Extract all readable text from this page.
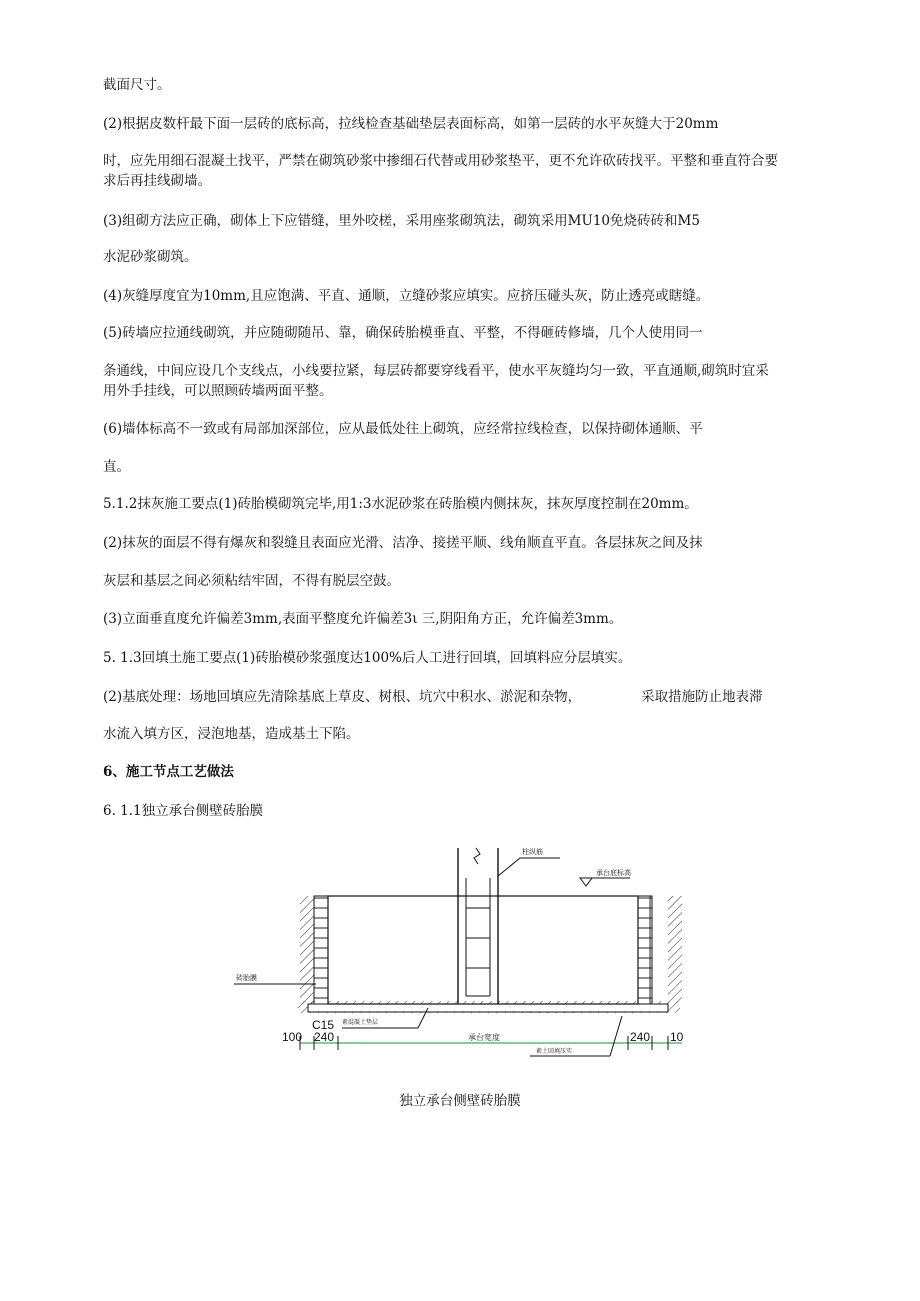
截面尺寸。
(2)根据皮数杆最下面一层砖的底标高，拉线检查基础垫层表面标高，如第一层砖的水平灰缝大于20mm
时，应先用细石混凝土找平，严禁在砌筑砂浆中掺细石代替或用砂浆垫平，更不允许砍砖找平。平整和垂直符合要
求后再挂线砌墙。
(3)组砌方法应正确，砌体上下应错缝，里外咬槎，采用座浆砌筑法，砌筑采用MU10免烧砖砖和M5
水泥砂浆砌筑。
(4)灰缝厚度宜为10mm,且应饱满、平直、通顺，立缝砂浆应填实。应挤压碰头灰，防止透亮或瞎缝。
(5)砖墙应拉通线砌筑，并应随砌随吊、靠，确保砖胎模垂直、平整，不得砸砖修墙，几个人使用同一
条通线，中间应设几个支线点，小线要拉紧，每层砖都要穿线看平，使水平灰缝均匀一致，平直通顺,砌筑时宜采
用外手挂线，可以照顾砖墙两面平整。
(6)墙体标高不一致或有局部加深部位，应从最低处往上砌筑，应经常拉线检查，以保持砌体通顺、平
直。
5.1.2抹灰施工要点(1)砖胎模砌筑完毕,用1:3水泥砂浆在砖胎模内侧抹灰，抹灰厚度控制在20mm。
(2)抹灰的面层不得有爆灰和裂缝且表面应光滑、洁净、接搓平顺、线角顺直平直。各层抹灰之间及抹
灰层和基层之间必须粘结牢固，不得有脱层空鼓。
(3)立面垂直度允许偏差3mm,表面平整度允许偏差3ι 三,阴阳角方正，允许偏差3mm。
5. 1.3回填土施工要点(1)砖胎模砂浆强度达100%后人工进行回填，回填料应分层填实。
(2)基底处理：场地回填应先清除基底上草皮、树根、坑穴中积水、淤泥和杂物，	采取措施防止地表滞
水流入填方区，浸泡地基，造成基土下陷。
6、施工节点工艺做法
6. 1.1独立承台侧壁砖胎膜
柱纵筋
承台底标高
砖胎膜
C15 素混凝土垫层
100 240	承台宽度	240 10
素土回填压实
独立承台侧壁砖胎膜
